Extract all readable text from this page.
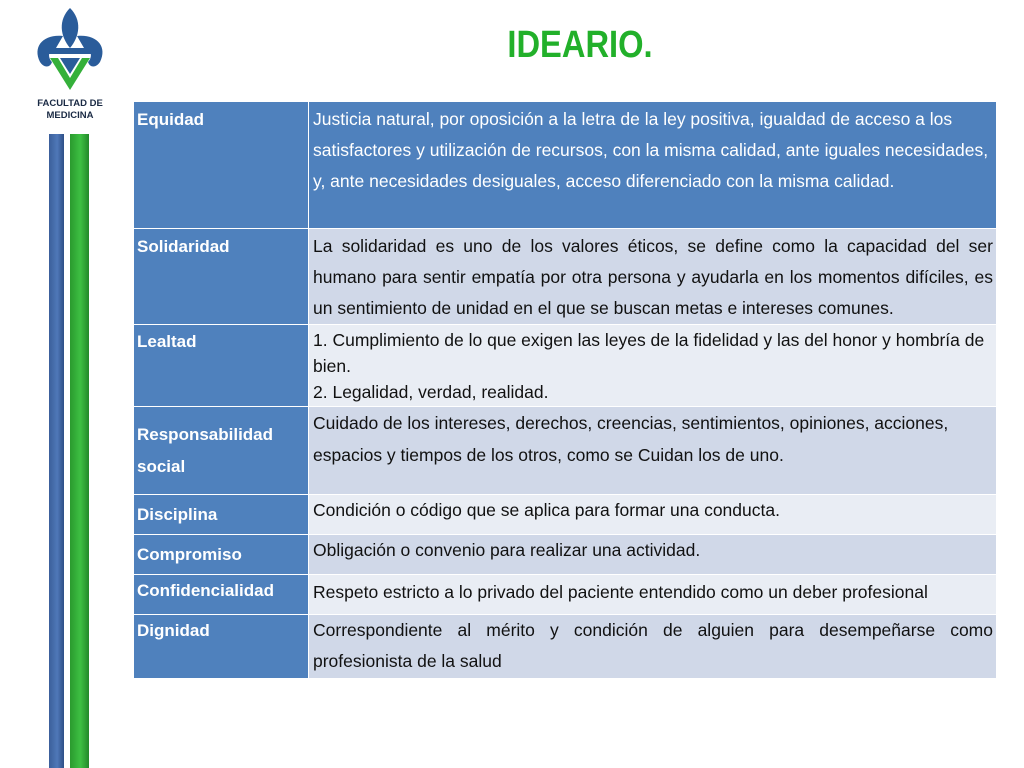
FACULTAD DE
MEDICINA
IDEARIO.
Equidad	Justicia natural, por oposición a la letra de la ley positiva, igualdad de acceso a los satisfactores y utilización de recursos, con la misma calidad, ante iguales necesidades, y, ante necesidades desiguales, acceso diferenciado con la misma calidad.
Solidaridad	La solidaridad es uno de los valores éticos, se define como la capacidad del ser humano para sentir empatía por otra persona y ayudarla en los momentos difíciles, es un sentimiento de unidad en el que se buscan metas e intereses comunes.
Lealtad	1. Cumplimiento de lo que exigen las leyes de la fidelidad y las del honor y hombría de bien.
2. Legalidad, verdad, realidad.

Responsabilidad social	Cuidado de los intereses, derechos, creencias, sentimientos, opiniones, acciones, espacios y tiempos de los otros, como se Cuidan los de uno.
Disciplina	Condición o código que se aplica para formar una conducta.
Compromiso	Obligación o convenio para realizar una actividad.
Confidencialidad	Respeto estricto a lo privado del paciente entendido como un deber profesional
Dignidad	Correspondiente al mérito y condición de alguien para desempeñarse como profesionista de la salud
